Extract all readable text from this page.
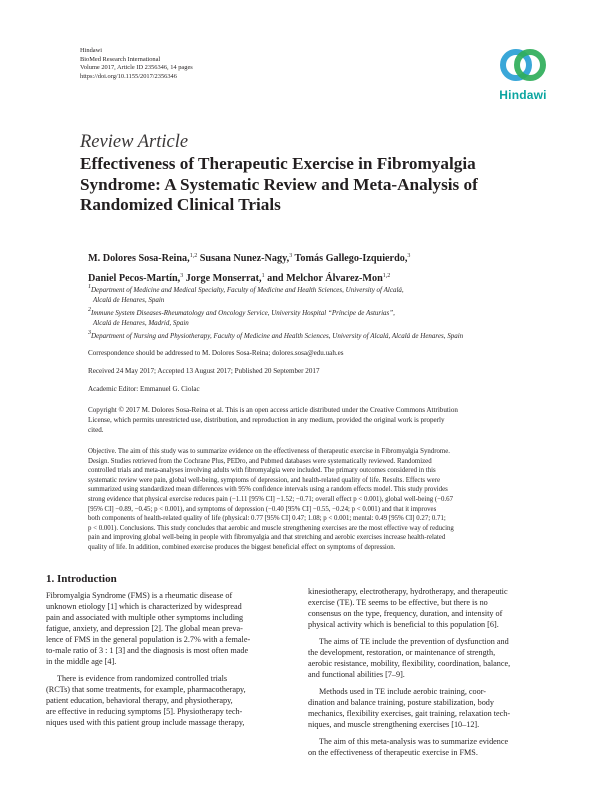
Hindawi
BioMed Research International
Volume 2017, Article ID 2356346, 14 pages
https://doi.org/10.1155/2017/2356346
Hindawi
Review Article
Effectiveness of Therapeutic Exercise in Fibromyalgia
Syndrome: A Systematic Review and Meta-Analysis of
Randomized Clinical Trials
M. Dolores Sosa-Reina,$^{1,2}$ Susana Nunez-Nagy,$^3$ Tomás Gallego-Izquierdo,$^3$
Daniel Pecos-Martín,$^3$ Jorge Monserrat,$^1$ and Melchor Álvarez-Mon$^{1,2}$
$^1$Department of Medicine and Medical Specialty, Faculty of Medicine and Health Sciences, University of Alcalá,
Alcalá de Henares, Spain
$^2$Immune System Diseases-Rheumatology and Oncology Service, University Hospital “Príncipe de Asturias”,
Alcalá de Henares, Madrid, Spain
$^3$Department of Nursing and Physiotherapy, Faculty of Medicine and Health Sciences, University of Alcalá, Alcalá de Henares, Spain
Correspondence should be addressed to M. Dolores Sosa-Reina; dolores.sosa@edu.uah.es
Received 24 May 2017; Accepted 13 August 2017; Published 20 September 2017
Academic Editor: Emmanuel G. Ciolac
Copyright © 2017 M. Dolores Sosa-Reina et al. This is an open access article distributed under the Creative Commons Attribution
License, which permits unrestricted use, distribution, and reproduction in any medium, provided the original work is properly
cited.
Objective. The aim of this study was to summarize evidence on the effectiveness of therapeutic exercise in Fibromyalgia Syndrome.
Design. Studies retrieved from the Cochrane Plus, PEDro, and Pubmed databases were systematically reviewed. Randomized
controlled trials and meta-analyses involving adults with fibromyalgia were included. The primary outcomes considered in this
systematic review were pain, global well-being, symptoms of depression, and health-related quality of life. Results. Effects were
summarized using standardized mean differences with 95% confidence intervals using a random effects model. This study provides
strong evidence that physical exercise reduces pain (−1.11 [95% CI] −1.52; −0.71; overall effect p < 0.001), global well-being (−0.67
[95% CI] −0.89, −0.45; p < 0.001), and symptoms of depression (−0.40 [95% CI] −0.55, −0.24; p < 0.001) and that it improves
both components of health-related quality of life (physical: 0.77 [95% CI] 0.47; 1.08; p < 0.001; mental: 0.49 [95% CI] 0.27; 0.71;
p < 0.001). Conclusions. This study concludes that aerobic and muscle strengthening exercises are the most effective way of reducing
pain and improving global well-being in people with fibromyalgia and that stretching and aerobic exercises increase health-related
quality of life. In addition, combined exercise produces the biggest beneficial effect on symptoms of depression.
1. Introduction
Fibromyalgia Syndrome (FMS) is a rheumatic disease of
unknown etiology [1] which is characterized by widespread
pain and associated with multiple other symptoms including
fatigue, anxiety, and depression [2]. The global mean preva-
lence of FMS in the general population is 2.7% with a female-
to-male ratio of 3 : 1 [3] and the diagnosis is most often made
in the middle age [4].
There is evidence from randomized controlled trials
(RCTs) that some treatments, for example, pharmacotherapy,
patient education, behavioral therapy, and physiotherapy,
are effective in reducing symptoms [5]. Physiotherapy tech-
niques used with this patient group include massage therapy,
kinesiotherapy, electrotherapy, hydrotherapy, and therapeutic
exercise (TE). TE seems to be effective, but there is no
consensus on the type, frequency, duration, and intensity of
physical activity which is beneficial to this population [6].
The aims of TE include the prevention of dysfunction and
the development, restoration, or maintenance of strength,
aerobic resistance, mobility, flexibility, coordination, balance,
and functional abilities [7–9].
Methods used in TE include aerobic training, coor-
dination and balance training, posture stabilization, body
mechanics, flexibility exercises, gait training, relaxation tech-
niques, and muscle strengthening exercises [10–12].
The aim of this meta-analysis was to summarize evidence
on the effectiveness of therapeutic exercise in FMS.
